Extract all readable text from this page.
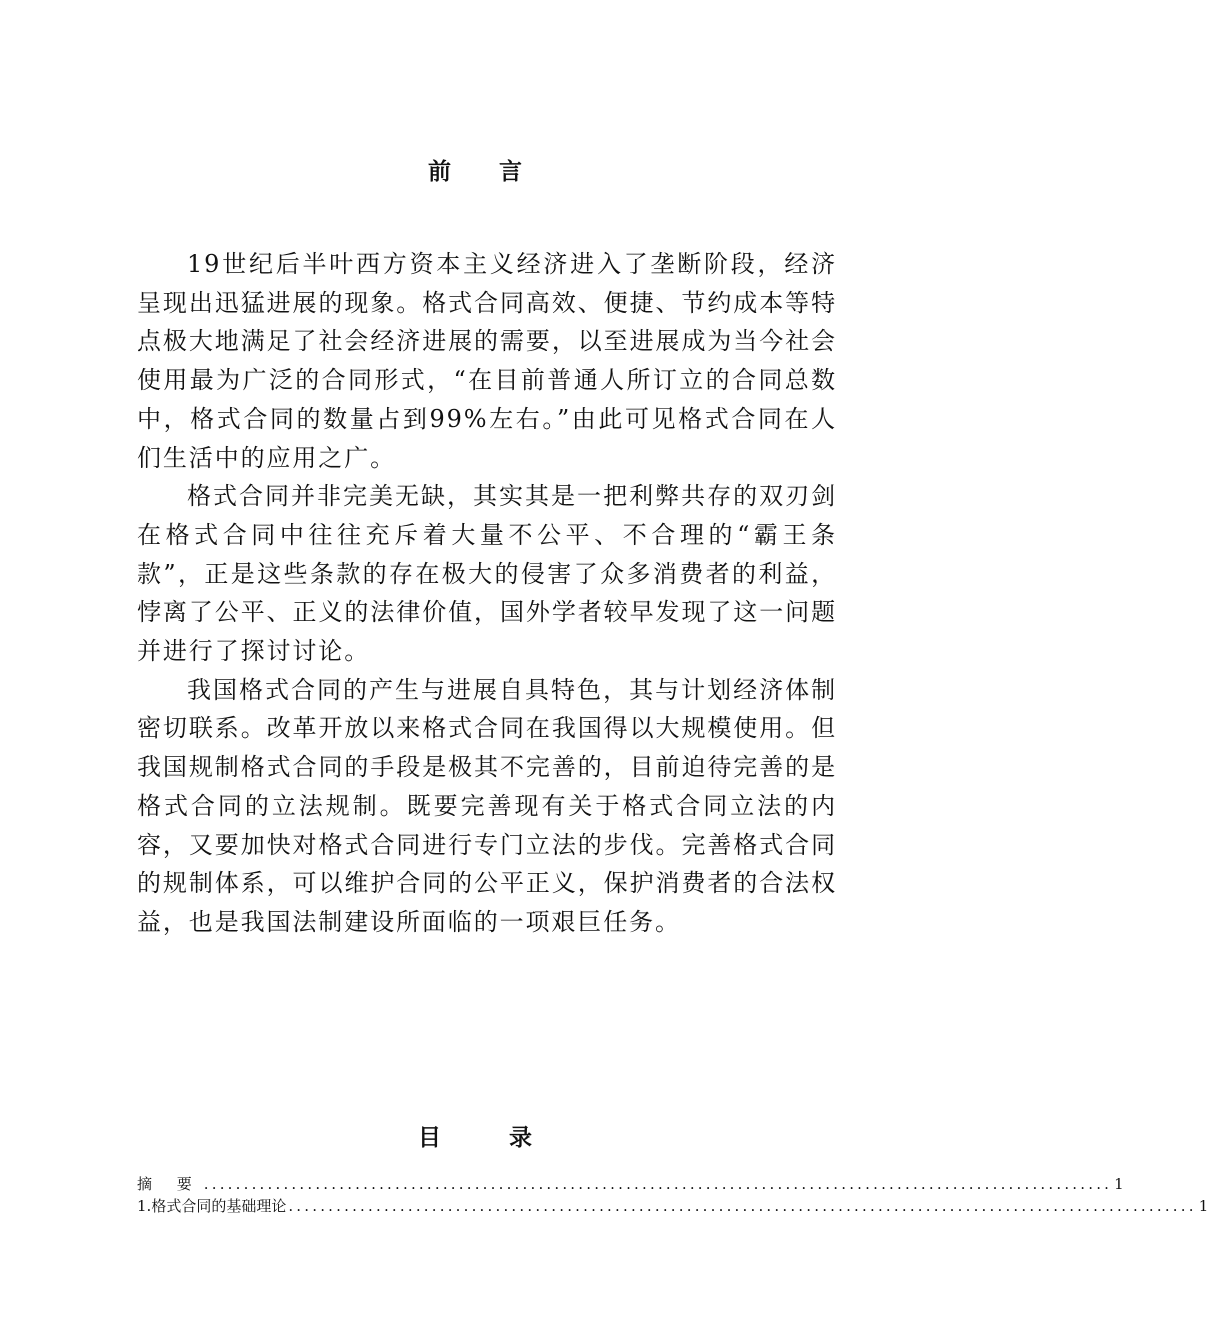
前 言

19世纪后半叶西方资本主义经济进入了垄断阶段，经济呈现出迅猛进展的现象。格式合同高效、便捷、节约成本等特点极大地满足了社会经济进展的需要，以至进展成为当今社会使用最为广泛的合同形式，“在目前普通人所订立的合同总数中，格式合同的数量占到99%左右。”由此可见格式合同在人们生活中的应用之广。

格式合同并非完美无缺，其实其是一把利弊共存的双刃剑在格式合同中往往充斥着大量不公平、不合理的“霸王条款”，正是这些条款的存在极大的侵害了众多消费者的利益，悖离了公平、正义的法律价值，国外学者较早发现了这一问题并进行了探讨讨论。

我国格式合同的产生与进展自具特色，其与计划经济体制密切联系。改革开放以来格式合同在我国得以大规模使用。但我国规制格式合同的手段是极其不完善的，目前迫待完善的是格式合同的立法规制。既要完善现有关于格式合同立法的内容，又要加快对格式合同进行专门立法的步伐。完善格式合同的规制体系，可以维护合同的公平正义，保护消费者的合法权益，也是我国法制建设所面临的一项艰巨任务。

目 录
摘 要 .................................................................................................................. 1
1. 格式合同的基础理论 .................................................................................................................. 1
